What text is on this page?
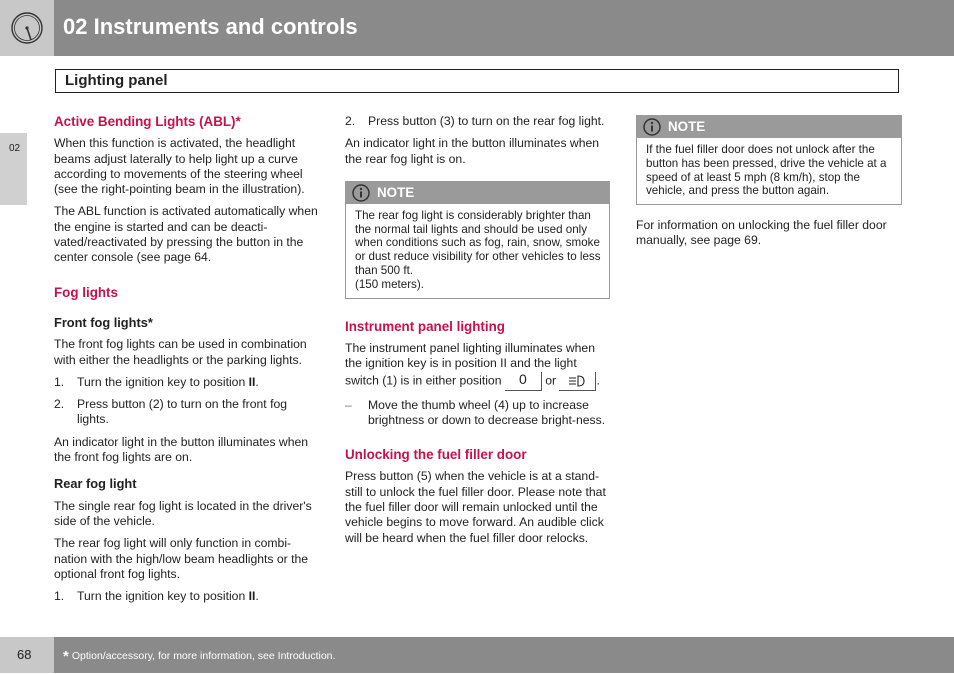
02 Instruments and controls
Lighting panel
02

Active Bending Lights (ABL)*

When this function is activated, the headlight beams adjust laterally to help light up a curve according to movements of the steering wheel (see the right-pointing beam in the illustration).

The ABL function is activated automatically when the engine is started and can be deacti-vated/reactivated by pressing the button in the center console (see page 64.

Fog lights

Front fog lights*

The front fog lights can be used in combination with either the headlights or the parking lights.

1.	Turn the ignition key to position II.
2.	Press button (2) to turn on the front fog lights.

An indicator light in the button illuminates when the front fog lights are on.

Rear fog light

The single rear fog light is located in the driver's side of the vehicle.

The rear fog light will only function in combi-nation with the high/low beam headlights or the optional front fog lights.

1.	Turn the ignition key to position II.
2.	Press button (3) to turn on the rear fog light.

An indicator light in the button illuminates when the rear fog light is on.

NOTE
The rear fog light is considerably brighter than the normal tail lights and should be used only when conditions such as fog, rain, snow, smoke or dust reduce visibility for other vehicles to less than 500 ft.
(150 meters).

Instrument panel lighting

The instrument panel lighting illuminates when the ignition key is in position II and the light switch (1) is in either position 0 or	.

–	Move the thumb wheel (4) up to increase brightness or down to decrease bright-ness.

Unlocking the fuel filler door

Press button (5) when the vehicle is at a stand-still to unlock the fuel filler door. Please note that the fuel filler door will remain unlocked until the vehicle begins to move forward. An audible click will be heard when the fuel filler door relocks.

NOTE
If the fuel filler door does not unlock after the button has been pressed, drive the vehicle at a speed of at least 5 mph (8 km/h), stop the vehicle, and press the button again.

For information on unlocking the fuel filler door manually, see page 69.

68 * Option/accessory, for more information, see Introduction.
